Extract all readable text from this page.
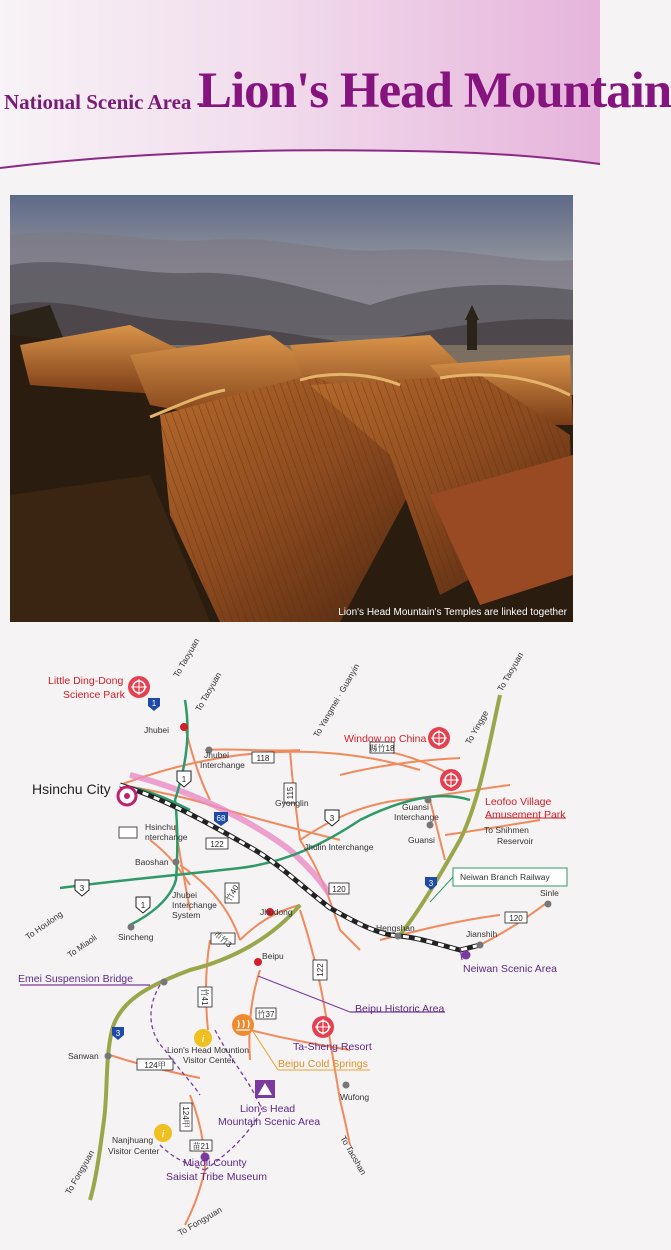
National Scenic Area --
Lion's Head Mountain
Lion's Head Mountain's Temples are linked together
i
i
1
1
1
3
3
3
3
68
118
115
122
122
120
120
縣竹18
竹40
市竹3
竹41
竹37
124甲
124甲
苗21
Hsinchu City
Little Ding-Dong
Science Park
Window on China
Leofoo Village
Amusement Park
Neiwan Branch Railway
Neiwan Scenic Area
Emei Suspension Bridge
Beipu Historic Area
Ta-Sheng Resort
Beipu Cold Springs
Lion's Head
Mountain Scenic Area
Miaoli County
Saisiat Tribe Museum
Jhubei
Jhubei
Interchange
Hsinchu
nterchange
Baoshan
Jhubei
Interchange
System
Sincheng
Jhudong
Gyonglin
Jhulin Interchange
Guansi
Interchange
Guansi
To Shihmen
Reservoir
Hengshan
Jianshih
Sinle
Beipu
Sanwan
Lion's Head Mountion
Visitor Center
Nanjhuang
Visitor Center
Wufong
To Taoyuan
To Taoyuan	To Taoyuan
To Yangmei · Guanyin	To Yingge
To Houlong
To Miaoli
To Fongyuan
To Fongyuan
To Taoshan
